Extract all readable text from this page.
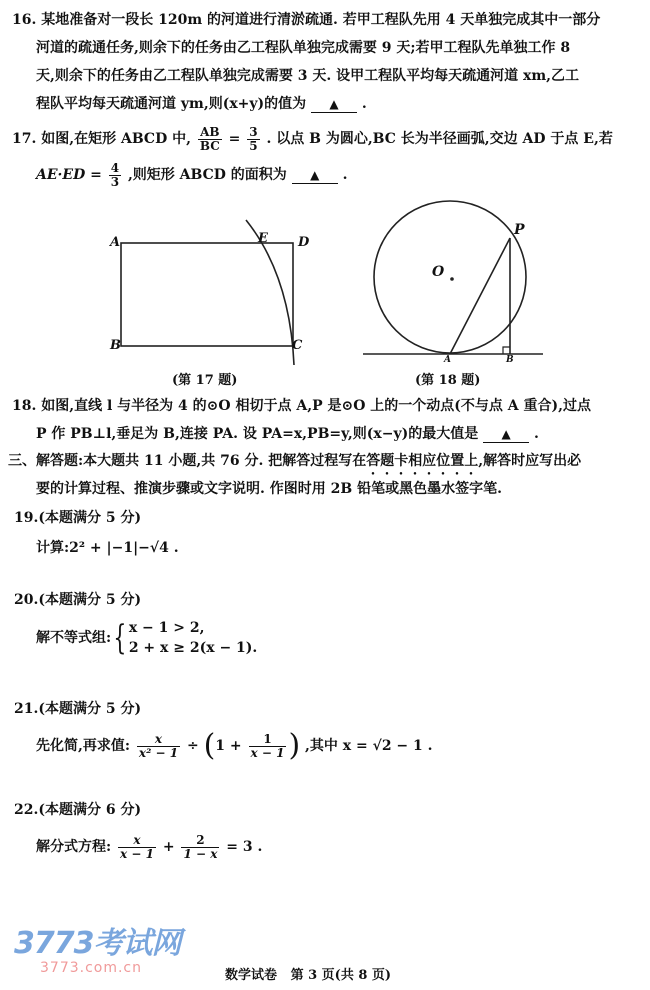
16. 某地准备对一段长 120m 的河道进行清淤疏通. 若甲工程队先用 4 天单独完成其中一部分
河道的疏通任务,则余下的任务由乙工程队单独完成需要 9 天;若甲工程队先单独工作 8
天,则余下的任务由乙工程队单独完成需要 3 天. 设甲工程队平均每天疏通河道 xm,乙工
程队平均每天疏通河道 ym,则(x+y)的值为 ▲ .
17. 如图,在矩形 ABCD 中, $\frac{AB}{BC} = \frac{3}{5}$ . 以点 B 为圆心,BC 长为半径画弧,交边 AD 于点 E,若
$AE\cdot ED = \frac{4}{3}$ ,则矩形 ABCD 的面积为 ▲ .
A
B	C
D
E
(第 17 题)
O
P
A	B
(第 18 题)
18. 如图,直线 l 与半径为 4 的⊙O 相切于点 A,P 是⊙O 上的一个动点(不与点 A 重合),过点
P 作 PB⊥l,垂足为 B,连接 PA. 设 PA=x,PB=y,则(x−y)的最大值是 ▲ .
三、解答题:本大题共 11 小题,共 76 分. 把解答过程写在答题卡相应位置上,解答时应写出必
要的计算过程、推演步骤或文字说明. 作图时用 2B 铅笔或黑色墨水签字笔.
19.(本题满分 5 分)
计算:2² + |−1|−√4 .
20.(本题满分 5 分)
解不等式组:{ x − 1 > 2,
2 + x ≥ 2(x − 1).
21.(本题满分 5 分)
先化简,再求值: $\frac{x}{\text{x² − 1}} \div (1 + \frac{1}{x - 1}$ ) ,其中 x = √2 − 1 .
22.(本题满分 6 分)
解分式方程: $\frac{x}{x - 1} + \frac{2}{1 - x} = 3$ .
3773考试网
3773.com.cn	数学试卷   第 3 页(共 8 页)
